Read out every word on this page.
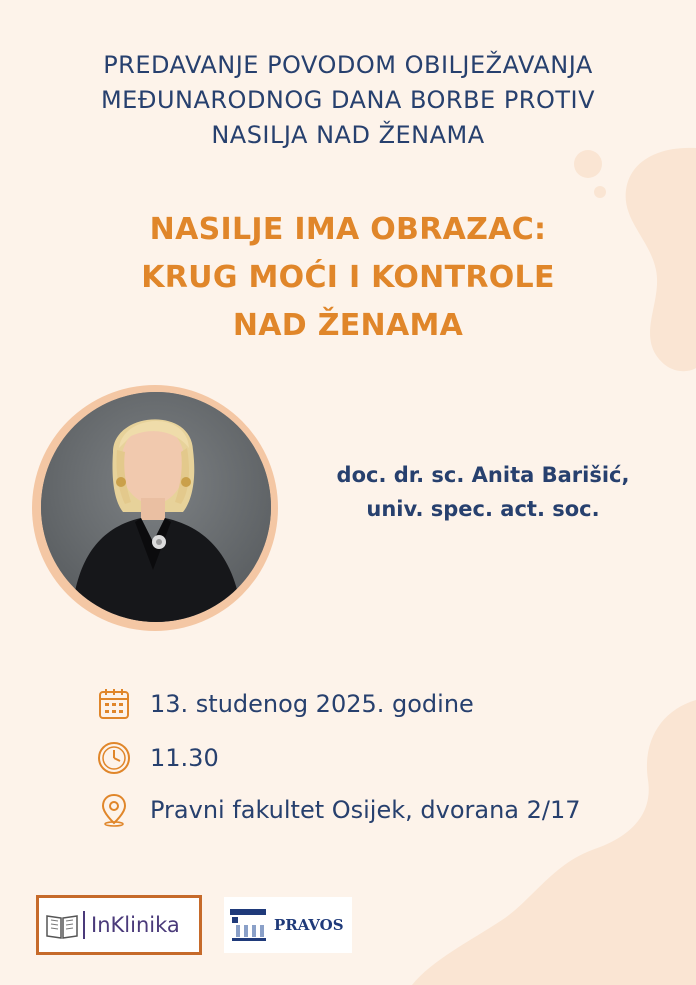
PREDAVANJE POVODOM OBILJEŽAVANJA
MEĐUNARODNOG DANA BORBE PROTIV
NASILJA NAD ŽENAMA
NASILJE IMA OBRAZAC:
KRUG MOĆI I KONTROLE
NAD ŽENAMA
doc. dr. sc. Anita Barišić,
univ. spec. act. soc.
13. studenog 2025. godine
11.30
Pravni fakultet Osijek, dvorana 2/17
InKlinika	PRAVOS
